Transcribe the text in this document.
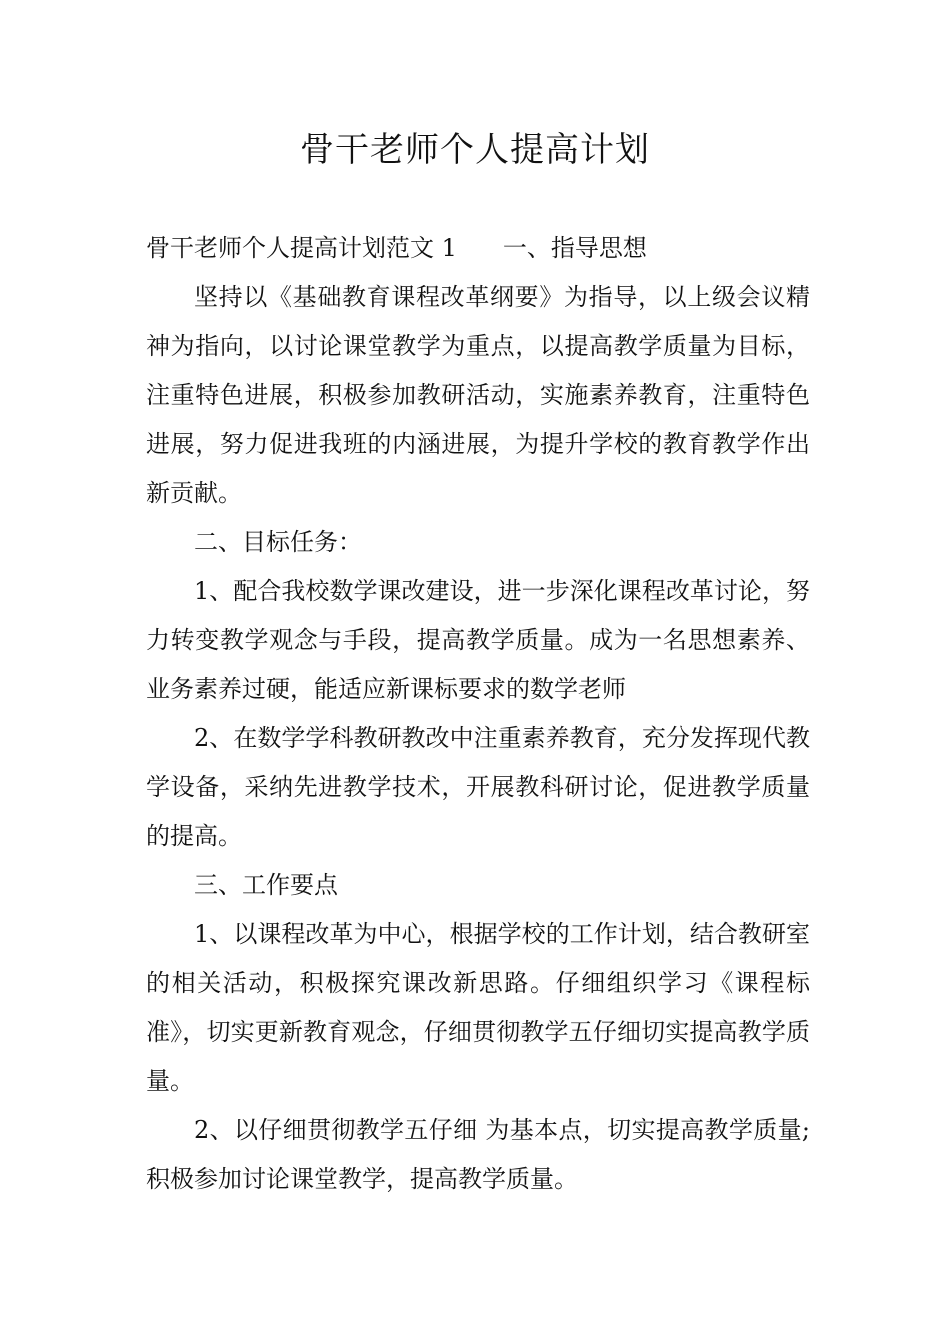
骨干老师个人提高计划

骨干老师个人提高计划范文 1 一、指导思想

坚持以《基础教育课程改革纲要》为指导，以上级会议精神为指向，以讨论课堂教学为重点，以提高教学质量为目标，注重特色进展，积极参加教研活动，实施素养教育，注重特色进展，努力促进我班的内涵进展，为提升学校的教育教学作出新贡献。

二、目标任务：

1、配合我校数学课改建设，进一步深化课程改革讨论，努力转变教学观念与手段，提高教学质量。成为一名思想素养、业务素养过硬，能适应新课标要求的数学老师

2、在数学学科教研教改中注重素养教育，充分发挥现代教学设备，采纳先进教学技术，开展教科研讨论，促进教学质量的提高。

三、工作要点

1、以课程改革为中心，根据学校的工作计划，结合教研室的相关活动，积极探究课改新思路。仔细组织学习《课程标准》，切实更新教育观念，仔细贯彻教学五仔细切实提高教学质量。

2、以仔细贯彻教学五仔细 为基本点，切实提高教学质量;积极参加讨论课堂教学，提高教学质量。
